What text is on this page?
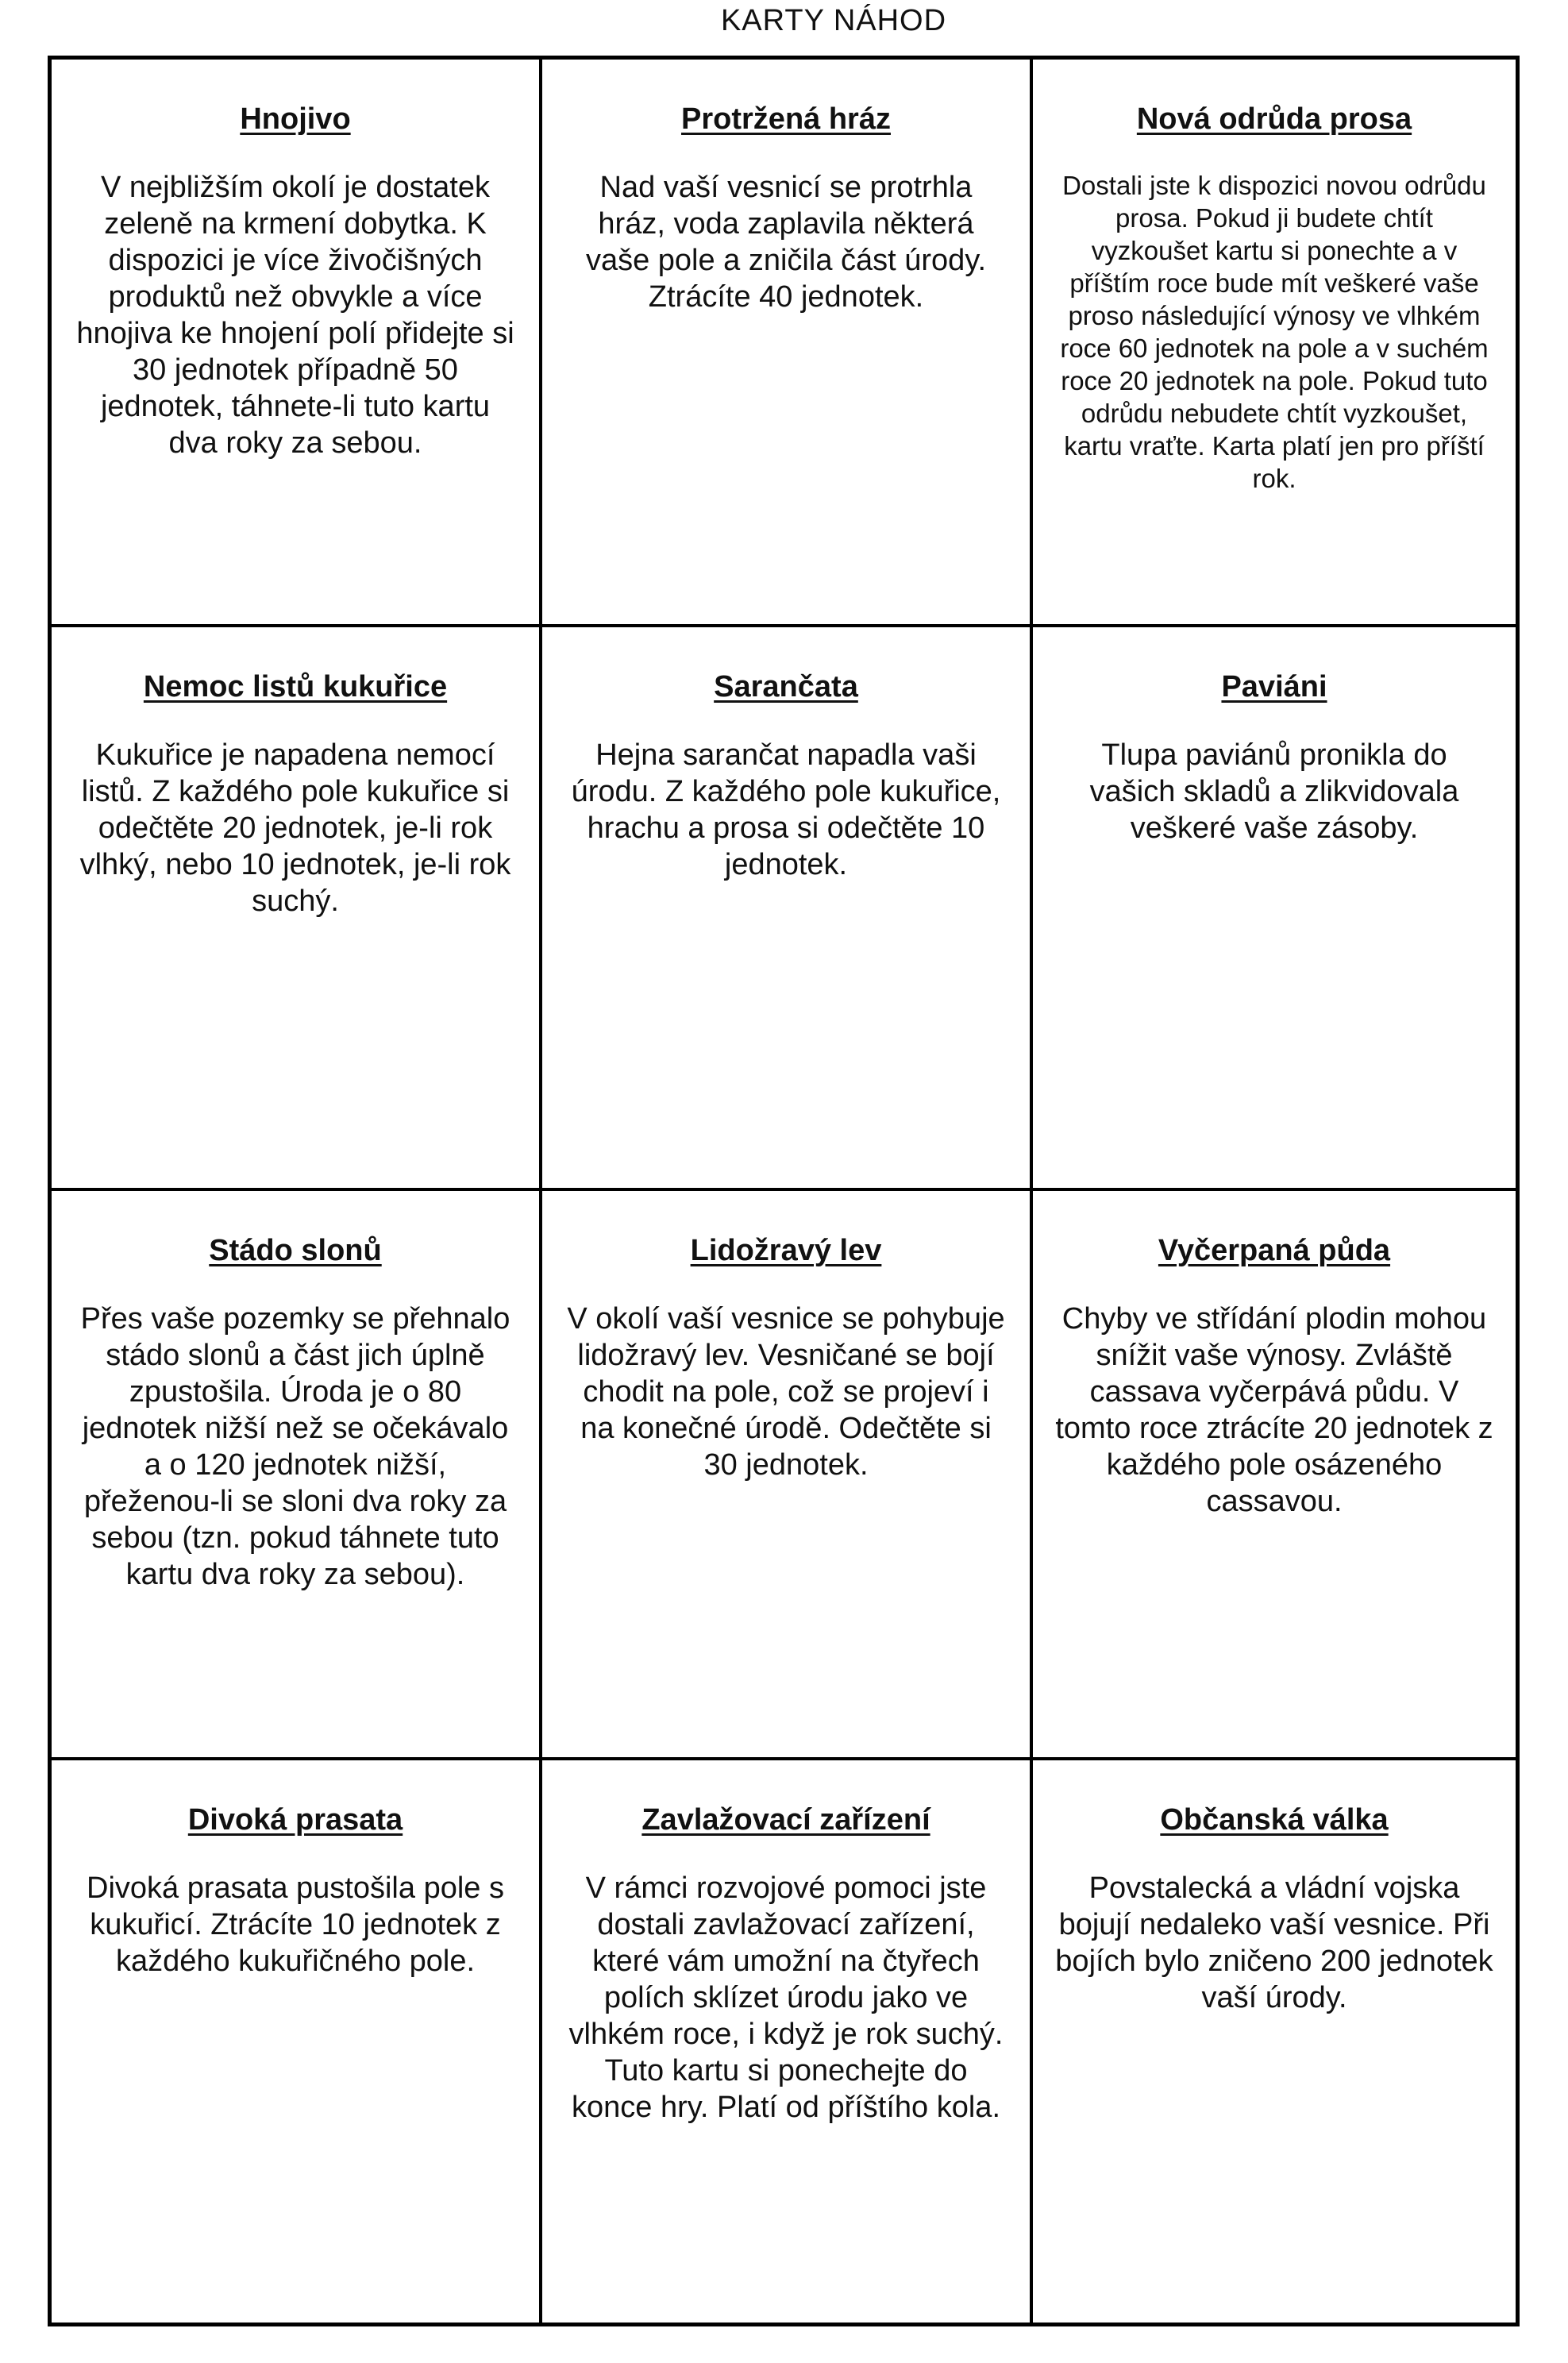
KARTY NÁHOD

Hnojivo

V nejbližším okolí je dostatek zeleně na krmení dobytka. K dispozici je více živočišných produktů než obvykle a více hnojiva ke hnojení polí přidejte si 30 jednotek případně 50 jednotek, táhnete-li tuto kartu dva roky za sebou.

Protržená hráz

Nad vaší vesnicí se protrhla hráz, voda zaplavila některá vaše pole a zničila část úrody. Ztrácíte 40 jednotek.

Nová odrůda prosa

Dostali jste k dispozici novou odrůdu prosa. Pokud ji budete chtít vyzkoušet kartu si ponechte a v příštím roce bude mít veškeré vaše proso následující výnosy ve vlhkém roce 60 jednotek na pole a v suchém roce 20 jednotek na pole. Pokud tuto odrůdu nebudete chtít vyzkoušet, kartu vraťte. Karta platí jen pro příští rok.

Nemoc listů kukuřice

Kukuřice je napadena nemocí listů. Z každého pole kukuřice si odečtěte 20 jednotek, je-li rok vlhký, nebo 10 jednotek, je-li rok suchý.

Sarančata

Hejna sarančat napadla vaši úrodu. Z každého pole kukuřice, hrachu a prosa si odečtěte 10 jednotek.

Paviáni

Tlupa paviánů pronikla do vašich skladů a zlikvidovala veškeré vaše zásoby.

Stádo slonů

Přes vaše pozemky se přehnalo stádo slonů a část jich úplně zpustošila. Úroda je o 80 jednotek nižší než se očekávalo a o 120 jednotek nižší, přeženou-li se sloni dva roky za sebou (tzn. pokud táhnete tuto kartu dva roky za sebou).

Lidožravý lev

V okolí vaší vesnice se pohybuje lidožravý lev. Vesničané se bojí chodit na pole, což se projeví i na konečné úrodě. Odečtěte si 30 jednotek.

Vyčerpaná půda

Chyby ve střídání plodin mohou snížit vaše výnosy. Zvláště cassava vyčerpává půdu. V tomto roce ztrácíte 20 jednotek z každého pole osázeného cassavou.

Divoká prasata

Divoká prasata pustošila pole s kukuřicí. Ztrácíte 10 jednotek z každého kukuřičného pole.

Zavlažovací zařízení

V rámci rozvojové pomoci jste dostali zavlažovací zařízení, které vám umožní na čtyřech polích sklízet úrodu jako ve vlhkém roce, i když je rok suchý. Tuto kartu si ponechejte do konce hry. Platí od příštího kola.

Občanská válka

Povstalecká a vládní vojska bojují nedaleko vaší vesnice. Při bojích bylo zničeno 200 jednotek vaší úrody.
